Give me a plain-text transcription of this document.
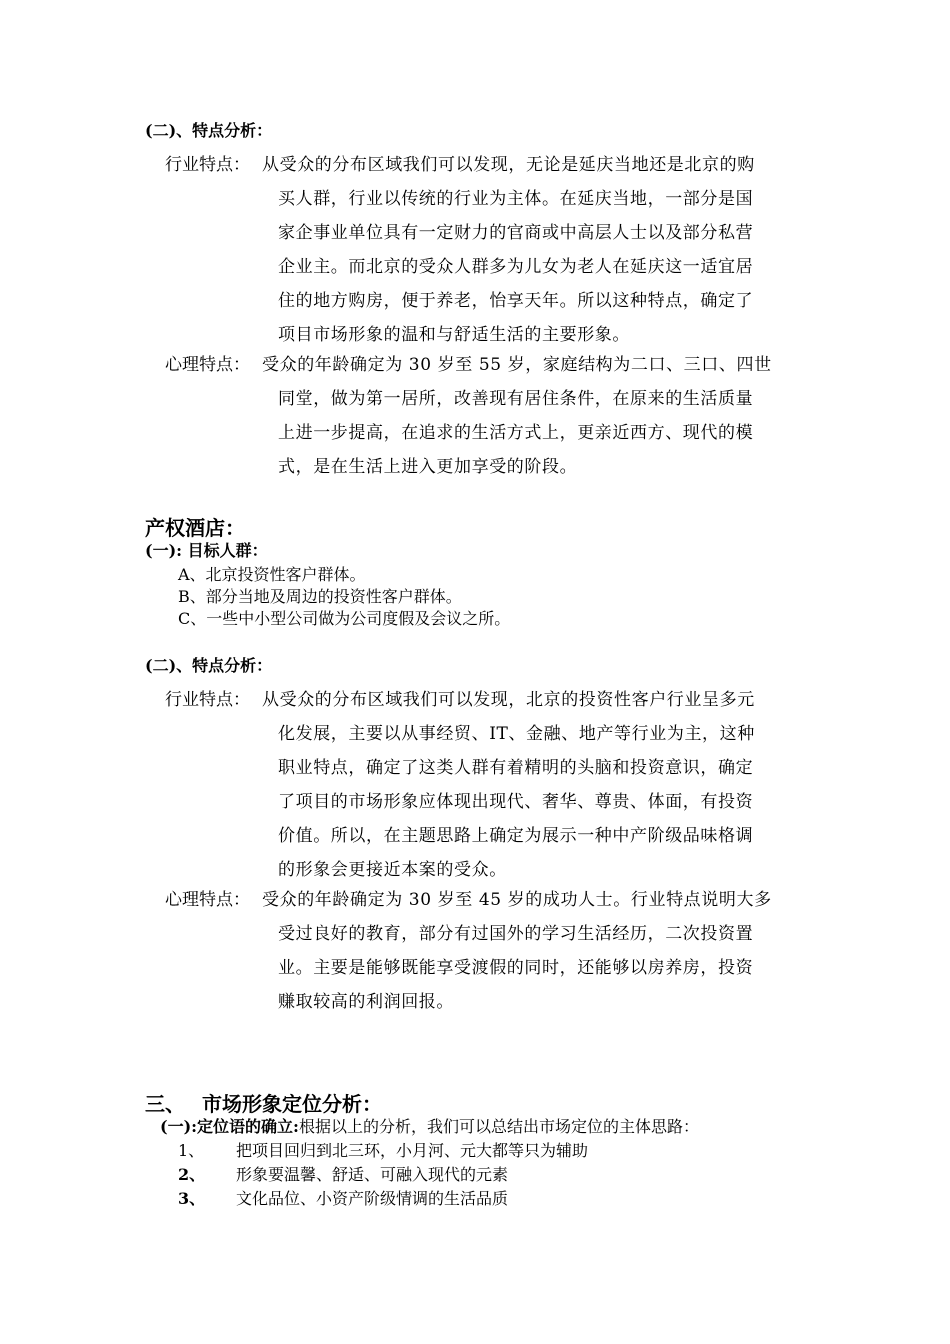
(二)、特点分析：
行业特点： 从受众的分布区域我们可以发现，无论是延庆当地还是北京的购
买人群，行业以传统的行业为主体。在延庆当地，一部分是国
家企事业单位具有一定财力的官商或中高层人士以及部分私营
企业主。而北京的受众人群多为儿女为老人在延庆这一适宜居
住的地方购房，便于养老，怡享天年。所以这种特点，确定了
项目市场形象的温和与舒适生活的主要形象。
心理特点： 受众的年龄确定为 30 岁至 55 岁，家庭结构为二口、三口、四世
同堂，做为第一居所，改善现有居住条件，在原来的生活质量
上进一步提高，在追求的生活方式上，更亲近西方、现代的模
式，是在生活上进入更加享受的阶段。
产权酒店：
(一): 目标人群：
A、北京投资性客户群体。
B、部分当地及周边的投资性客户群体。
C、一些中小型公司做为公司度假及会议之所。
(二)、特点分析：
行业特点： 从受众的分布区域我们可以发现，北京的投资性客户行业呈多元
化发展，主要以从事经贸、IT、金融、地产等行业为主，这种
职业特点，确定了这类人群有着精明的头脑和投资意识，确定
了项目的市场形象应体现出现代、奢华、尊贵、体面，有投资
价值。所以，在主题思路上确定为展示一种中产阶级品味格调
的形象会更接近本案的受众。
心理特点： 受众的年龄确定为 30 岁至 45 岁的成功人士。行业特点说明大多
受过良好的教育，部分有过国外的学习生活经历，二次投资置
业。主要是能够既能享受渡假的同时，还能够以房养房，投资
赚取较高的利润回报。
三、 市场形象定位分析：
(一):定位语的确立:根据以上的分析，我们可以总结出市场定位的主体思路：
1、 把项目回归到北三环，小月河、元大都等只为辅助
2、 形象要温馨、舒适、可融入现代的元素
3、 文化品位、小资产阶级情调的生活品质
